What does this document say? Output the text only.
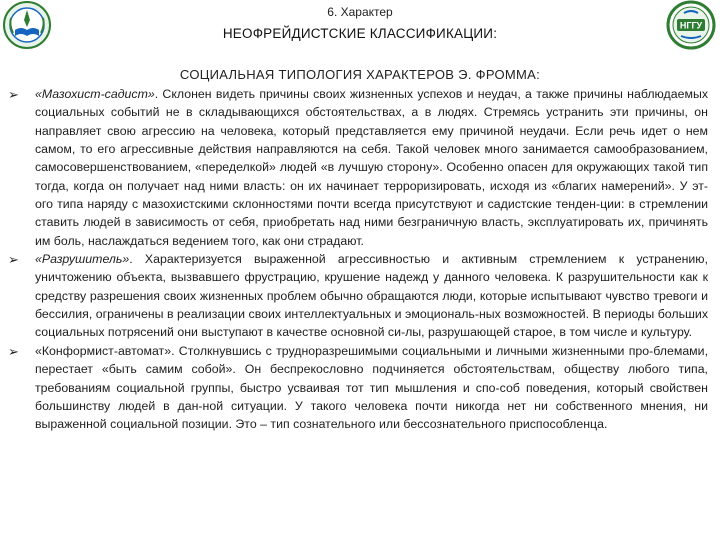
НГГУ
6. Характер
НЕОФРЕЙДИСТСКИЕ КЛАССИФИКАЦИИ:
СОЦИАЛЬНАЯ ТИПОЛОГИЯ ХАРАКТЕРОВ Э. ФРОММА:
➢ «Мазохист-садист». Склонен видеть причины своих жизненных успехов и неудач, а также причины наблюдаемых социальных событий не в складывающихся обстоятельствах, а в людях. Стремясь устранить эти причины, он направляет свою агрессию на человека, который представляется ему причиной неудачи. Если речь идет о нем самом, то его агрессивные действия направляются на себя. Такой человек много занимается самообразованием, самосовершенствованием, «переделкой» людей «в лучшую сторону». Особенно опасен для окружающих такой тип тогда, когда он получает над ними власть: он их начинает терроризировать, исходя из «благих намерений». У эт- ого типа наряду с мазохистскими склонностями почти всегда присутствуют и садистские тенден-ции: в стремлении ставить людей в зависимость от себя, приобретать над ними безграничную власть, эксплуатировать их, причинять им боль, наслаждаться ведением того, как они страдают.
➢ «Разрушитель». Характеризуется выраженной агрессивностью и активным стремлением к устранению, уничтожению объекта, вызвавшего фрустрацию, крушение надежд у данного человека. К разрушительности как к средству разрешения своих жизненных проблем обычно обращаются люди, которые испытывают чувство тревоги и бессилия, ограничены в реализации своих интеллектуальных и эмоциональ-ных возможностей. В периоды больших социальных потрясений они выступают в качестве основной си-лы, разрушающей старое, в том числе и культуру.
➢ «Конформист-автомат». Столкнувшись с трудноразрешимыми социальными и личными жизненными про-блемами, перестает «быть самим собой». Он беспрекословно подчиняется обстоятельствам, обществу любого типа, требованиям социальной группы, быстро усваивая тот тип мышления и спо-соб поведения, который свойствен большинству людей в дан-ной ситуации. У такого человека почти никогда нет ни собственного мнения, ни выраженной социальной позиции. Это – тип сознательного или бессознательного приспособленца.
